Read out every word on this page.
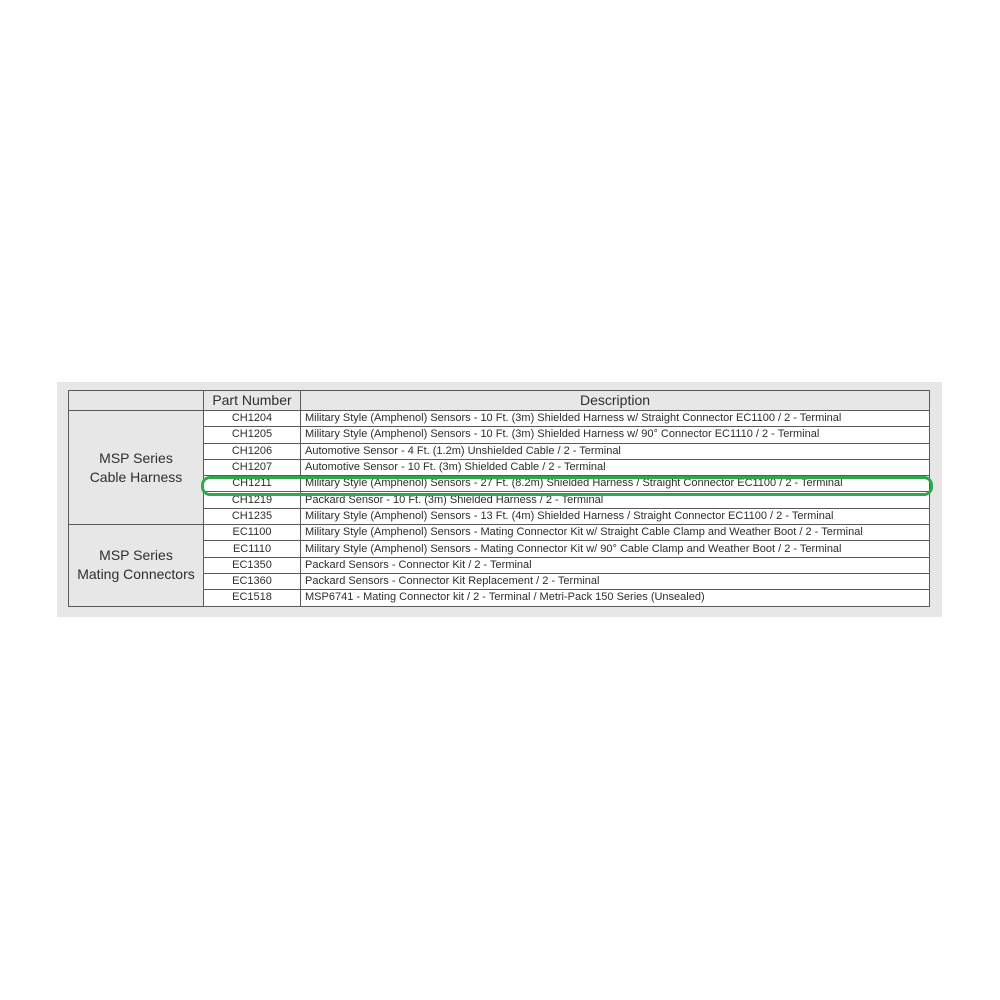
	Part Number	Description

MSP Series
Cable Harness	CH1204	Military Style (Amphenol) Sensors - 10 Ft. (3m) Shielded Harness w/ Straight Connector EC1100 / 2 - Terminal
	CH1205	Military Style (Amphenol) Sensors - 10 Ft. (3m) Shielded Harness w/ 90° Connector EC1110 / 2 - Terminal
	CH1206	Automotive Sensor - 4 Ft. (1.2m) Unshielded Cable / 2 - Terminal
	CH1207	Automotive Sensor - 10 Ft. (3m) Shielded Cable / 2 - Terminal
	CH1211	Military Style (Amphenol) Sensors - 27 Ft. (8.2m) Shielded Harness / Straight Connector EC1100 / 2 - Terminal
	CH1219	Packard Sensor - 10 Ft. (3m) Shielded Harness / 2 - Terminal
	CH1235	Military Style (Amphenol) Sensors - 13 Ft. (4m) Shielded Harness / Straight Connector EC1100 / 2 - Terminal

MSP Series
Mating Connectors	EC1100	Military Style (Amphenol) Sensors - Mating Connector Kit w/ Straight Cable Clamp and Weather Boot / 2 - Terminal
	EC1110	Military Style (Amphenol) Sensors - Mating Connector Kit w/ 90° Cable Clamp and Weather Boot / 2 - Terminal
	EC1350	Packard Sensors - Connector Kit / 2 - Terminal
	EC1360	Packard Sensors - Connector Kit Replacement / 2 - Terminal
	EC1518	MSP6741 - Mating Connector kit / 2 - Terminal / Metri-Pack 150 Series (Unsealed)
